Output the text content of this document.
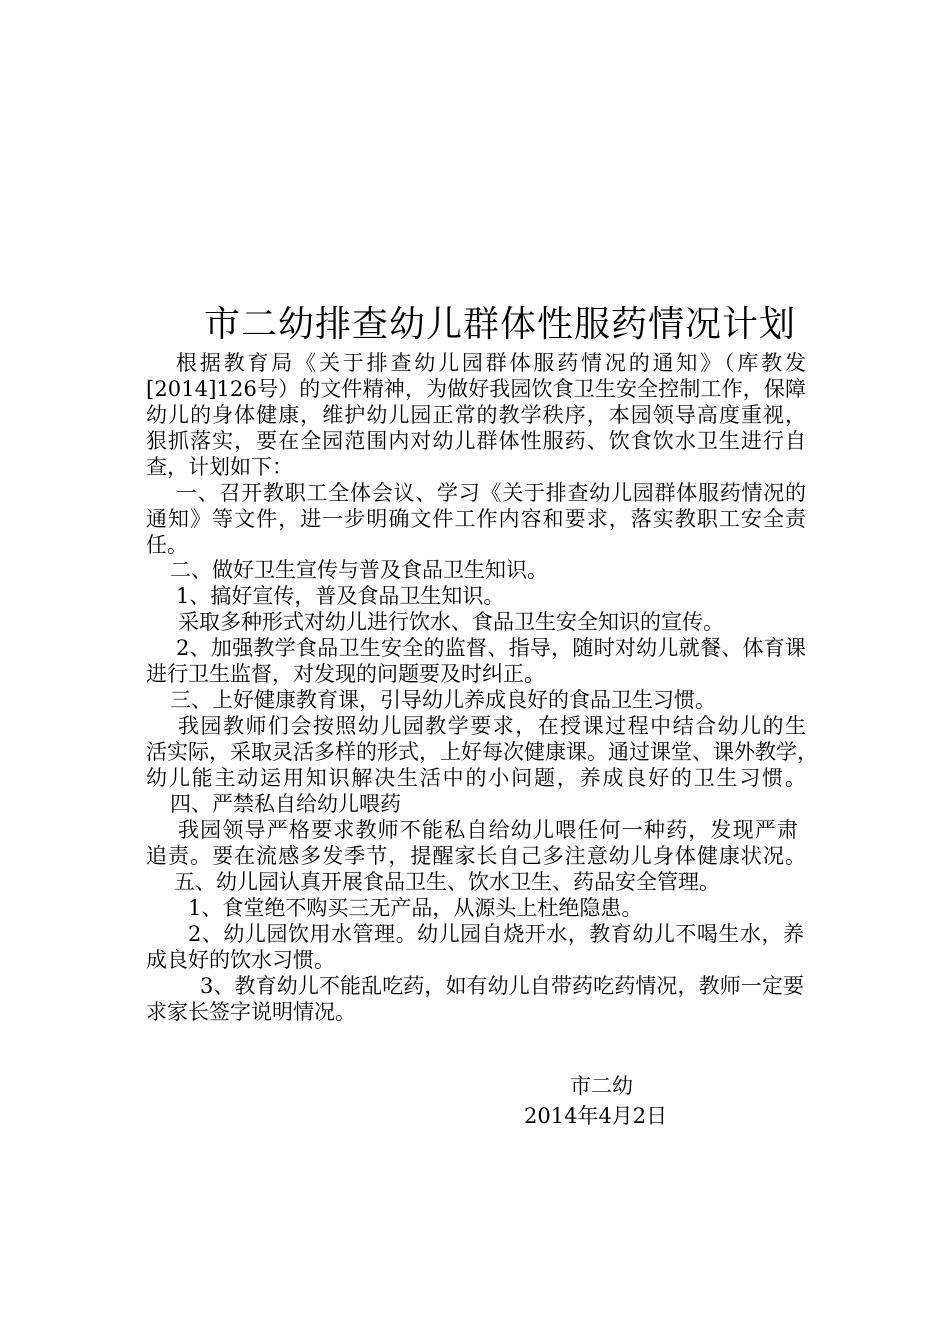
市二幼排查幼儿群体性服药情况计划
根据教育局《关于排查幼儿园群体服药情况的通知》（库教发
[2014]126号）的文件精神，为做好我园饮食卫生安全控制工作，保障
幼儿的身体健康，维护幼儿园正常的教学秩序，本园领导高度重视，
狠抓落实，要在全园范围内对幼儿群体性服药、饮食饮水卫生进行自
查，计划如下：
一、召开教职工全体会议、学习《关于排查幼儿园群体服药情况的
通知》等文件，进一步明确文件工作内容和要求，落实教职工安全责
任。
二、做好卫生宣传与普及食品卫生知识。
1、搞好宣传，普及食品卫生知识。
采取多种形式对幼儿进行饮水、食品卫生安全知识的宣传。
2、加强教学食品卫生安全的监督、指导，随时对幼儿就餐、体育课
进行卫生监督，对发现的问题要及时纠正。
三、上好健康教育课，引导幼儿养成良好的食品卫生习惯。
我园教师们会按照幼儿园教学要求，在授课过程中结合幼儿的生
活实际，采取灵活多样的形式，上好每次健康课。通过课堂、课外教学，
幼儿能主动运用知识解决生活中的小问题，养成良好的卫生习惯。
四、严禁私自给幼儿喂药
我园领导严格要求教师不能私自给幼儿喂任何一种药，发现严肃
追责。要在流感多发季节，提醒家长自己多注意幼儿身体健康状况。
五、幼儿园认真开展食品卫生、饮水卫生、药品安全管理。
1、食堂绝不购买三无产品，从源头上杜绝隐患。
2、幼儿园饮用水管理。幼儿园自烧开水，教育幼儿不喝生水，养
成良好的饮水习惯。
3、教育幼儿不能乱吃药，如有幼儿自带药吃药情况，教师一定要
求家长签字说明情况。
市二幼
2014年4月2日
